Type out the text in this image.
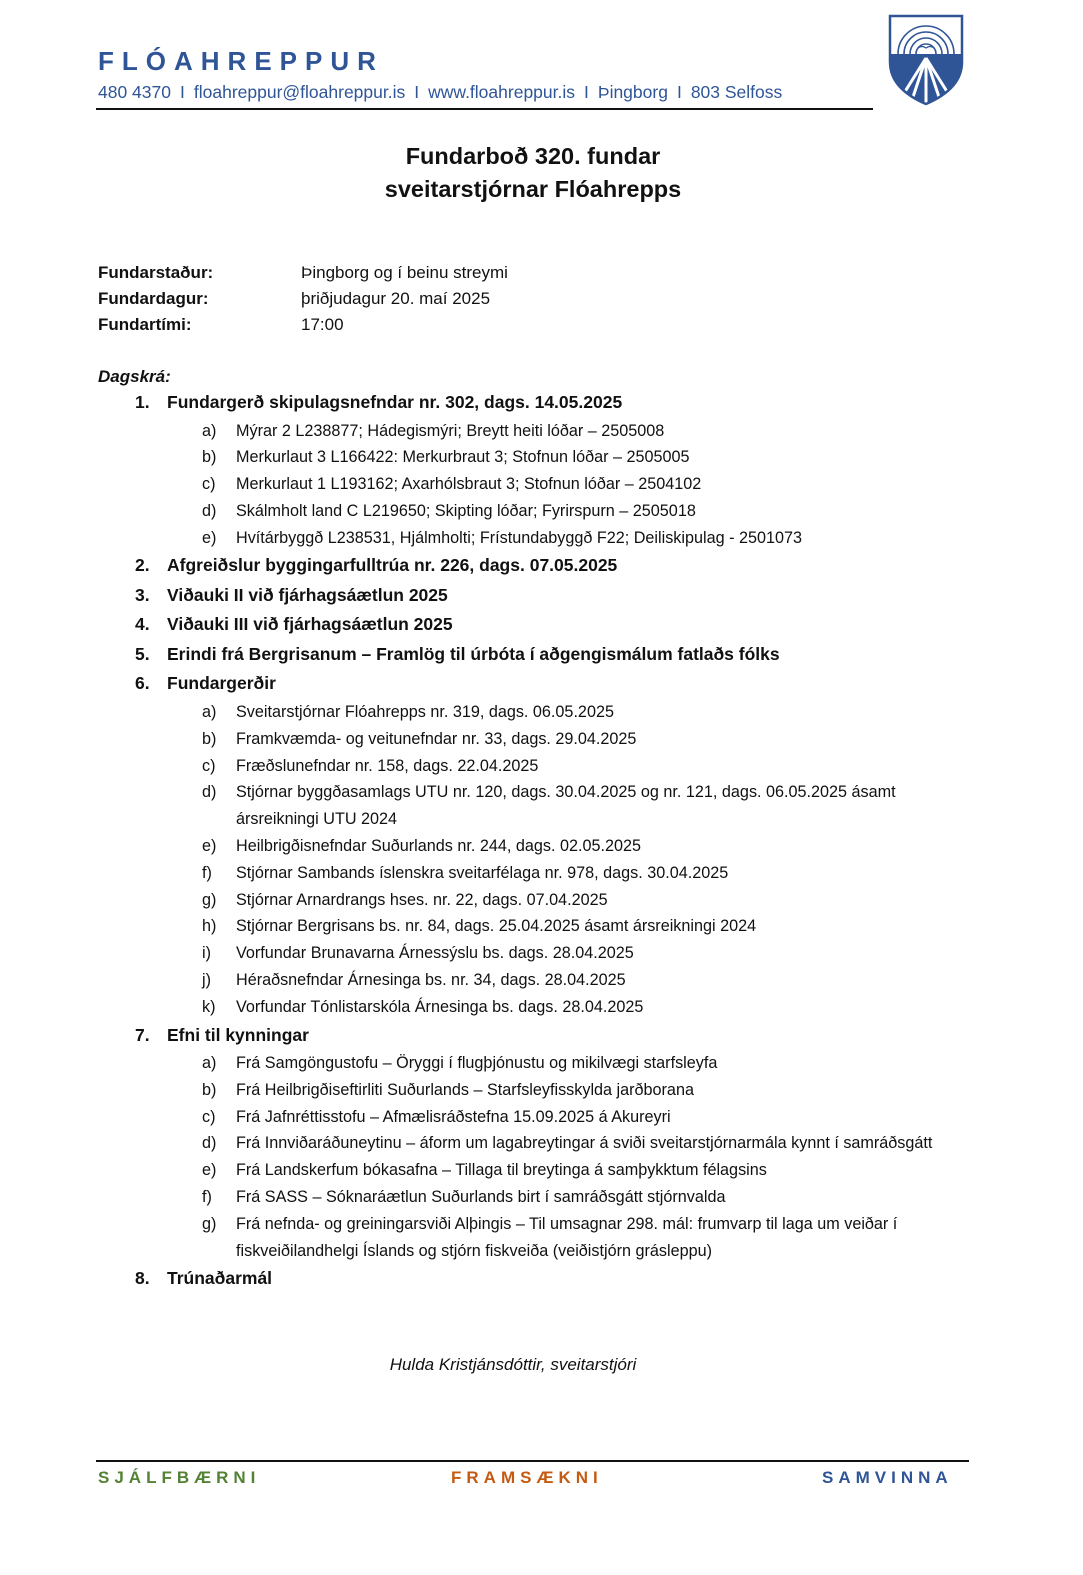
FLÓAHREPPUR
480 4370 I floahreppur@floahreppur.is I www.floahreppur.is I Þingborg I 803 Selfoss
Fundarboð 320. fundar
sveitarstjórnar Flóahrepps
Fundarstaður:	Þingborg og í beinu streymi
Fundardagur:	þriðjudagur 20. maí 2025
Fundartími:	17:00
Dagskrá:
1. Fundargerð skipulagsnefndar nr. 302, dags. 14.05.2025
a)	Mýrar 2 L238877; Hádegismýri; Breytt heiti lóðar – 2505008
b)	Merkurlaut 3 L166422: Merkurbraut 3; Stofnun lóðar – 2505005
c)	Merkurlaut 1 L193162; Axarhólsbraut 3; Stofnun lóðar – 2504102
d)	Skálmholt land C L219650; Skipting lóðar; Fyrirspurn – 2505018
e)	Hvítárbyggð L238531, Hjálmholti; Frístundabyggð F22; Deiliskipulag - 2501073
2. Afgreiðslur byggingarfulltrúa nr. 226, dags. 07.05.2025
3. Viðauki II við fjárhagsáætlun 2025
4. Viðauki III við fjárhagsáætlun 2025
5. Erindi frá Bergrisanum – Framlög til úrbóta í aðgengismálum fatlaðs fólks
6. Fundargerðir
a)	Sveitarstjórnar Flóahrepps nr. 319, dags. 06.05.2025
b)	Framkvæmda- og veitunefndar nr. 33, dags. 29.04.2025
c)	Fræðslunefndar nr. 158, dags. 22.04.2025
d)	Stjórnar byggðasamlags UTU nr. 120, dags. 30.04.2025 og nr. 121, dags. 06.05.2025 ásamt ársreikningi UTU 2024
e)	Heilbrigðisnefndar Suðurlands nr. 244, dags. 02.05.2025
f)	Stjórnar Sambands íslenskra sveitarfélaga nr. 978, dags. 30.04.2025
g)	Stjórnar Arnardrangs hses. nr. 22, dags. 07.04.2025
h)	Stjórnar Bergrisans bs. nr. 84, dags. 25.04.2025 ásamt ársreikningi 2024
i)	Vorfundar Brunavarna Árnessýslu bs. dags. 28.04.2025
j)	Héraðsnefndar Árnesinga bs. nr. 34, dags. 28.04.2025
k)	Vorfundar Tónlistarskóla Árnesinga bs. dags. 28.04.2025
7. Efni til kynningar
a)	Frá Samgöngustofu – Öryggi í flugþjónustu og mikilvægi starfsleyfa
b)	Frá Heilbrigðiseftirliti Suðurlands – Starfsleyfisskylda jarðborana
c)	Frá Jafnréttisstofu – Afmælisráðstefna 15.09.2025 á Akureyri
d)	Frá Innviðaráðuneytinu – áform um lagabreytingar á sviði sveitarstjórnarmála kynnt í samráðsgátt
e)	Frá Landskerfum bókasafna – Tillaga til breytinga á samþykktum félagsins
f)	Frá SASS – Sóknaráætlun Suðurlands birt í samráðsgátt stjórnvalda
g)	Frá nefnda- og greiningarsviði Alþingis – Til umsagnar 298. mál: frumvarp til laga um veiðar í fiskveiðilandhelgi Íslands og stjórn fiskveiða (veiðistjórn grásleppu)
8. Trúnaðarmál
Hulda Kristjánsdóttir, sveitarstjóri
SJÁLFBÆRNI	FRAMSÆKNI	SAMVINNA
